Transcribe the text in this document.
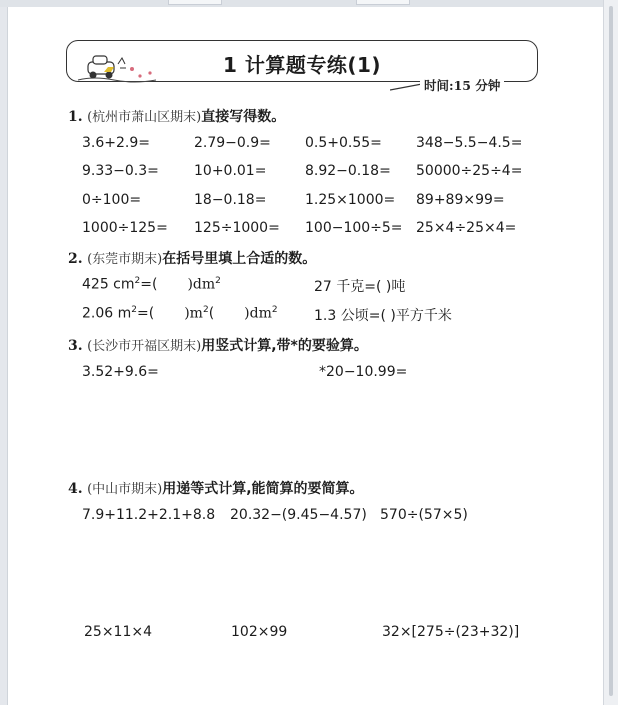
1 计算题专练(1)
时间:15 分钟
1. (杭州市萧山区期末)直接写得数。
3.6+2.9=	2.79−0.9= 0.5+0.55= 348−5.5−4.5=
9.33−0.3=	10+0.01=	8.92−0.18= 50000÷25÷4=
0÷100=	18−0.18=	1.25×1000= 89+89×99=
1000÷125= 125÷1000= 100−100÷5= 25×4÷25×4=
2. (东莞市期末)在括号里填上合适的数。
425 $cm^2=$( )$dm^2$	27 千克=( )吨
2.06 $m^2=$( )$m^2$( )$dm^2$	1.3 公顷=( )平方千米
3. (长沙市开福区期末)用竖式计算,带*的要验算。
3.52+9.6=	*20−10.99=
4. (中山市期末)用递等式计算,能简算的要简算。
7.9+11.2+2.1+8.8 20.32−(9.45−4.57) 570÷(57×5)
25×11×4	102×99	32×[275÷(23+32)]
